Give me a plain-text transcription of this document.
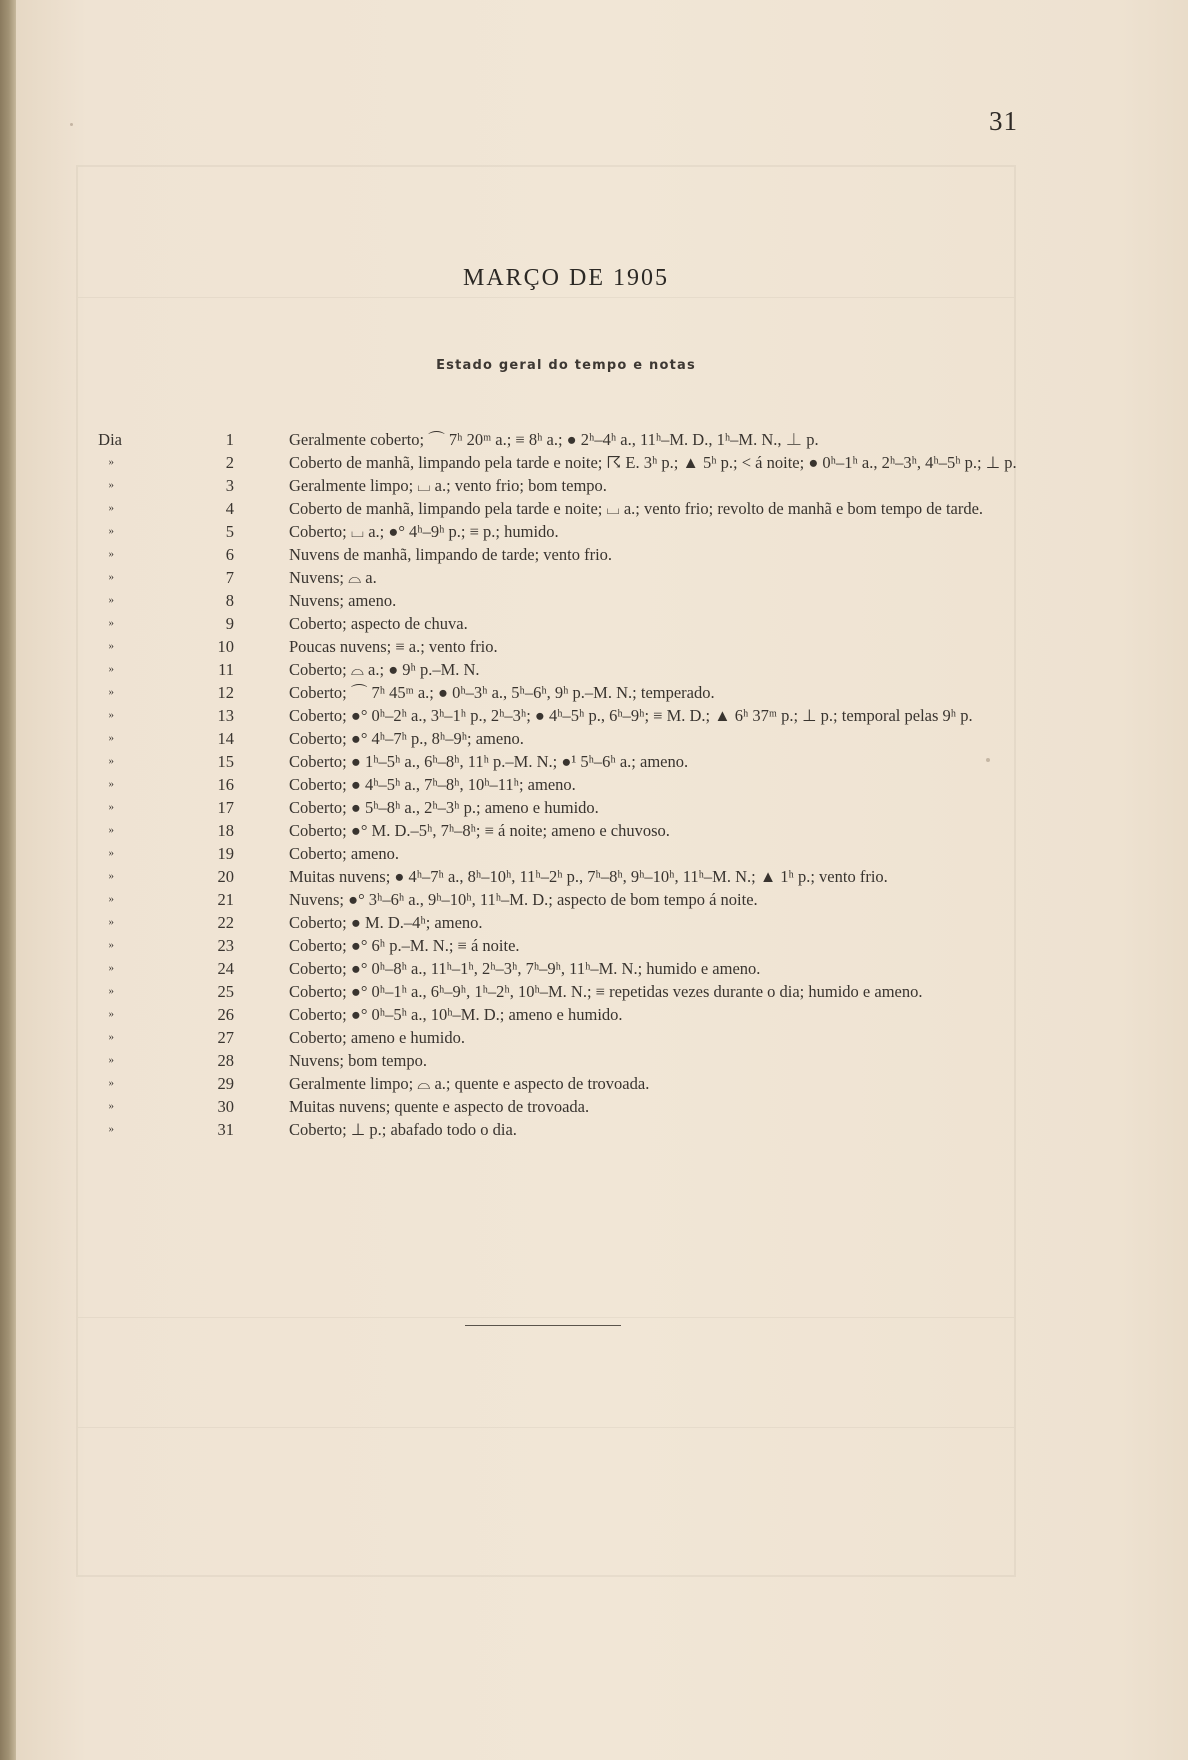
31
MARÇO DE 1905
Estado geral do tempo e notas
Dia	1	Geralmente coberto; ⌒ 7ʰ 20ᵐ a.; ≡ 8ʰ a.; ● 2ʰ–4ʰ a., 11ʰ–M. D., 1ʰ–M. N., ⊥ p.
»	2	Coberto de manhã, limpando pela tarde e noite; ☈ E. 3ʰ p.; ▲ 5ʰ p.; < á noite; ● 0ʰ–1ʰ a., 2ʰ–3ʰ, 4ʰ–5ʰ p.; ⊥ p.
»	3	Geralmente limpo; ⌴ a.; vento frio; bom tempo.
»	4	Coberto de manhã, limpando pela tarde e noite; ⌴ a.; vento frio; revolto de manhã e bom tempo de tarde.
»	5	Coberto; ⌴ a.; ●° 4ʰ–9ʰ p.; ≡ p.; humido.
»	6	Nuvens de manhã, limpando de tarde; vento frio.
»	7	Nuvens; ⌓ a.
»	8	Nuvens; ameno.
»	9	Coberto; aspecto de chuva.
»	10	Poucas nuvens; ≡ a.; vento frio.
»	11	Coberto; ⌓ a.; ● 9ʰ p.–M. N.
»	12	Coberto; ⌒ 7ʰ 45ᵐ a.; ● 0ʰ–3ʰ a., 5ʰ–6ʰ, 9ʰ p.–M. N.; temperado.
»	13	Coberto; ●° 0ʰ–2ʰ a., 3ʰ–1ʰ p., 2ʰ–3ʰ; ● 4ʰ–5ʰ p., 6ʰ–9ʰ; ≡ M. D.; ▲ 6ʰ 37ᵐ p.; ⊥ p.; temporal pelas 9ʰ p.
»	14	Coberto; ●° 4ʰ–7ʰ p., 8ʰ–9ʰ; ameno.
»	15	Coberto; ● 1ʰ–5ʰ a., 6ʰ–8ʰ, 11ʰ p.–M. N.; ●¹ 5ʰ–6ʰ a.; ameno.
»	16	Coberto; ● 4ʰ–5ʰ a., 7ʰ–8ʰ, 10ʰ–11ʰ; ameno.
»	17	Coberto; ● 5ʰ–8ʰ a., 2ʰ–3ʰ p.; ameno e humido.
»	18	Coberto; ●° M. D.–5ʰ, 7ʰ–8ʰ; ≡ á noite; ameno e chuvoso.
»	19	Coberto; ameno.
»	20	Muitas nuvens; ● 4ʰ–7ʰ a., 8ʰ–10ʰ, 11ʰ–2ʰ p., 7ʰ–8ʰ, 9ʰ–10ʰ, 11ʰ–M. N.; ▲ 1ʰ p.; vento frio.
»	21	Nuvens; ●° 3ʰ–6ʰ a., 9ʰ–10ʰ, 11ʰ–M. D.; aspecto de bom tempo á noite.
»	22	Coberto; ● M. D.–4ʰ; ameno.
»	23	Coberto; ●° 6ʰ p.–M. N.; ≡ á noite.
»	24	Coberto; ●° 0ʰ–8ʰ a., 11ʰ–1ʰ, 2ʰ–3ʰ, 7ʰ–9ʰ, 11ʰ–M. N.; humido e ameno.
»	25	Coberto; ●° 0ʰ–1ʰ a., 6ʰ–9ʰ, 1ʰ–2ʰ, 10ʰ–M. N.; ≡ repetidas vezes durante o dia; humido e ameno.
»	26	Coberto; ●° 0ʰ–5ʰ a., 10ʰ–M. D.; ameno e humido.
»	27	Coberto; ameno e humido.
»	28	Nuvens; bom tempo.
»	29	Geralmente limpo; ⌓ a.; quente e aspecto de trovoada.
»	30	Muitas nuvens; quente e aspecto de trovoada.
»	31	Coberto; ⊥ p.; abafado todo o dia.
